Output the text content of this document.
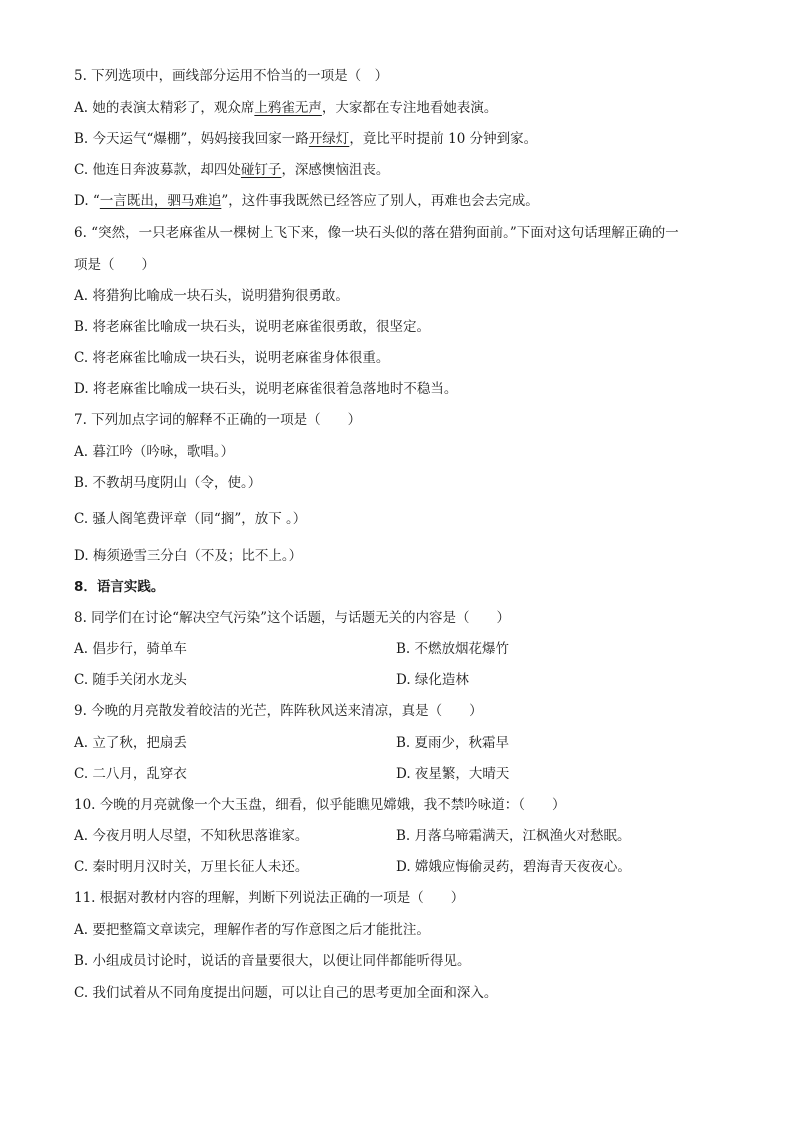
5. 下列选项中，画线部分运用不恰当的一项是（　）
A. 她的表演太精彩了，观众席上鸦雀无声，大家都在专注地看她表演。
B. 今天运气“爆棚”，妈妈接我回家一路开绿灯，竟比平时提前 10 分钟到家。
C. 他连日奔波募款，却四处碰钉子，深感懊恼沮丧。
D. “一言既出，驷马难追”，这件事我既然已经答应了别人，再难也会去完成。
6. “突然，一只老麻雀从一棵树上飞下来，像一块石头似的落在猎狗面前。”下面对这句话理解正确的一
项是（　　）
A. 将猎狗比喻成一块石头，说明猎狗很勇敢。
B. 将老麻雀比喻成一块石头，说明老麻雀很勇敢，很坚定。
C. 将老麻雀比喻成一块石头，说明老麻雀身体很重。
D. 将老麻雀比喻成一块石头，说明老麻雀很着急落地时不稳当。
7. 下列加点字词的解释不正确的一项是（　　）
A. 暮江吟（吟咏，歌唱。）
B. 不教胡马度阴山（令，使。）
C. 骚人阁笔费评章（同“搁”，放下 。）
D. 梅须逊雪三分白（不及；比不上。）
8．语言实践。
8. 同学们在讨论“解决空气污染”这个话题，与话题无关的内容是（　　）
A. 倡步行，骑单车	B. 不燃放烟花爆竹
C. 随手关闭水龙头	D. 绿化造林
9. 今晚的月亮散发着皎洁的光芒，阵阵秋风送来清凉，真是（　　）
A. 立了秋，把扇丢	B. 夏雨少，秋霜早
C. 二八月，乱穿衣	D. 夜星繁，大晴天
10. 今晚的月亮就像一个大玉盘，细看，似乎能瞧见嫦娥，我不禁吟咏道：（　　）
A. 今夜月明人尽望，不知秋思落谁家。	B. 月落乌啼霜满天，江枫渔火对愁眠。
C. 秦时明月汉时关，万里长征人未还。	D. 嫦娥应悔偷灵药，碧海青天夜夜心。
11. 根据对教材内容的理解，判断下列说法正确的一项是（　　）
A. 要把整篇文章读完，理解作者的写作意图之后才能批注。
B. 小组成员讨论时，说话的音量要很大，以便让同伴都能听得见。
C. 我们试着从不同角度提出问题，可以让自己的思考更加全面和深入。
